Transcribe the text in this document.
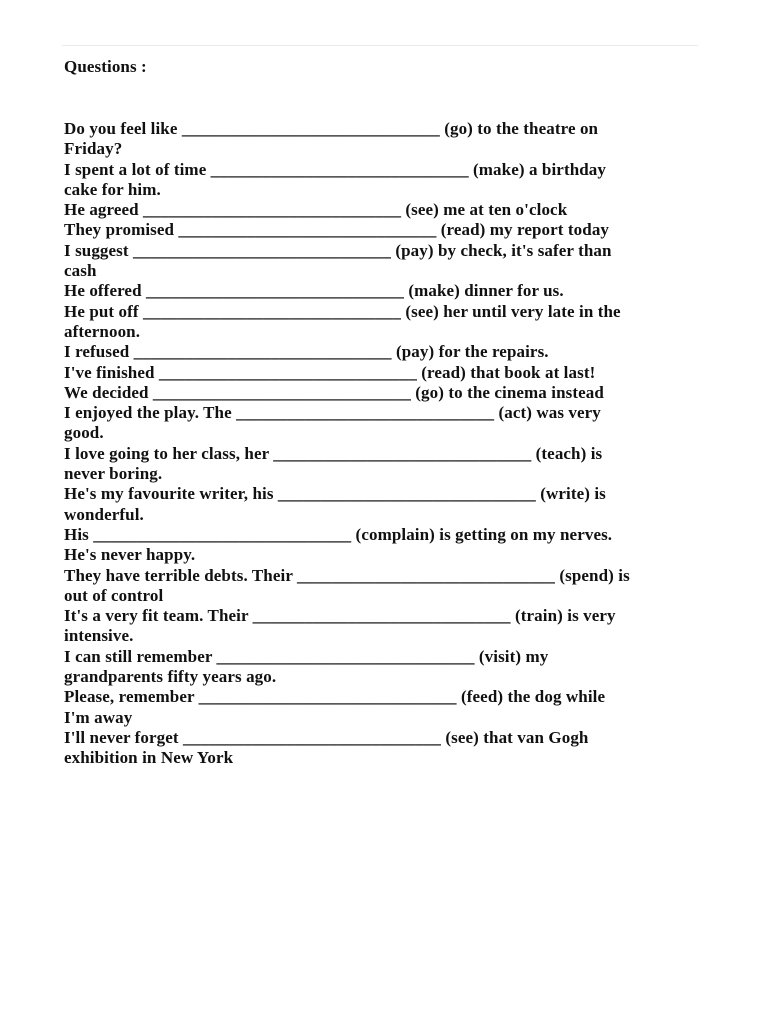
Questions :
Do you feel like ______________________________ (go) to the theatre on
Friday?
I spent a lot of time ______________________________ (make) a birthday
cake for him.
He agreed ______________________________ (see) me at ten o'clock
They promised ______________________________ (read) my report today
I suggest ______________________________ (pay) by check, it's safer than
cash
He offered ______________________________ (make) dinner for us.
He put off ______________________________ (see) her until very late in the
afternoon.
I refused ______________________________ (pay) for the repairs.
I've finished ______________________________ (read) that book at last!
We decided ______________________________ (go) to the cinema instead
I enjoyed the play. The ______________________________ (act) was very
good.
I love going to her class, her ______________________________ (teach) is
never boring.
He's my favourite writer, his ______________________________ (write) is
wonderful.
His ______________________________ (complain) is getting on my nerves.
He's never happy.
They have terrible debts. Their ______________________________ (spend) is
out of control
It's a very fit team. Their ______________________________ (train) is very
intensive.
I can still remember ______________________________ (visit) my
grandparents fifty years ago.
Please, remember ______________________________ (feed) the dog while
I'm away
I'll never forget ______________________________ (see) that van Gogh
exhibition in New York
